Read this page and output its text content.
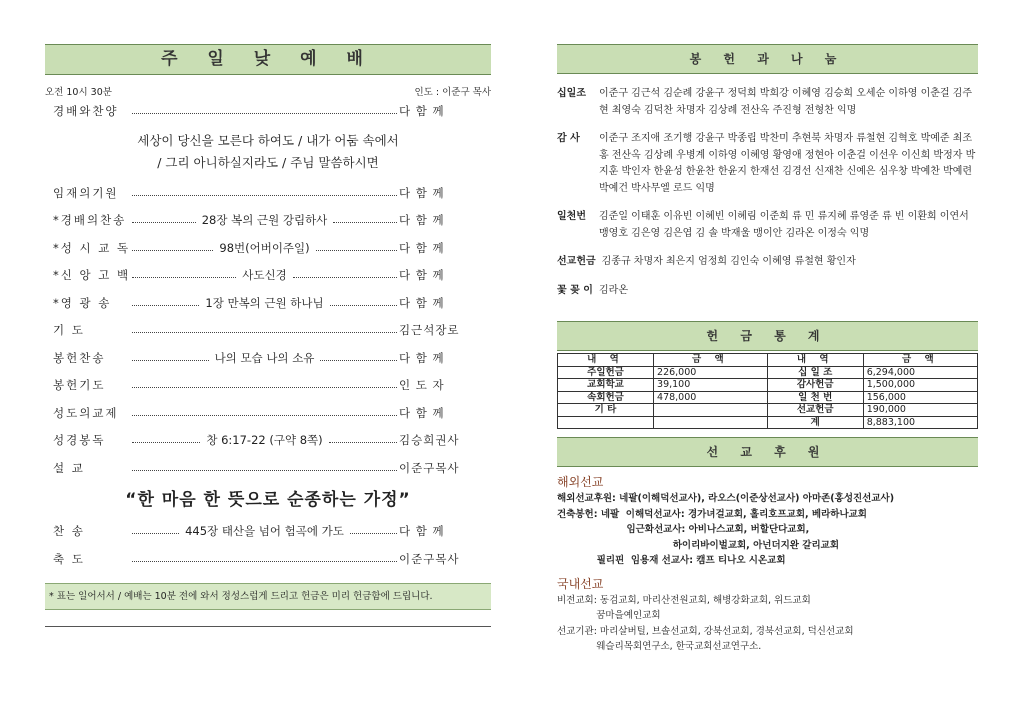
주 일 낮 예 배
오전 10시 30분	인도 : 이준구 목사
경배와찬양	다 함 께
세상이 당신을 모른다 하여도 / 내가 어둠 속에서
/ 그리 아니하실지라도 / 주님 말씀하시면
임재의기원	다 함 께
*경배의찬송	28장 복의 근원 강림하사	다 함 께
*성 시 교 독	98번(어버이주일)	다 함 께
*신 앙 고 백	사도신경	다 함 께
*영 광 송	1장 만복의 근원 하나님	다 함 께
기 도	김근석장로
봉헌찬송	나의 모습 나의 소유	다 함 께
봉헌기도	인 도 자
성도의교제	다 함 께
성경봉독	창 6:17-22 (구약 8쪽)	김승희권사
설 교	이준구목사
“한 마음 한 뜻으로 순종하는 가정”
찬 송	445장 태산을 넘어 험곡에 가도	다 함 께
축 도	이준구목사
* 표는 일어서서 / 예배는 10분 전에 와서 정성스럽게 드리고 헌금은 미리 헌금함에 드립니다.
봉 헌 과 나 눔
십일조	이준구 김근석 김순례 강윤구 정덕희 박희강 이혜영 김승희 오세순 이하영 이춘걸 김주현 최영숙 김덕찬 차명자 김상례 전산옥 주진형 전형찬 익명
감 사	이준구 조지애 조기행 강윤구 박종립 박찬미 추현북 차명자 류철현 김혁호 박예준 최조홍 전산옥 김상례 우병계 이하영 이혜영 황영애 정현아 이춘걸 이선우 이신희 박정자 박지훈 박인자 한윤성 한윤찬 한윤지 한재선 김경선 신재찬 신예은 심우창 박예찬 박예련 박예건 박사무엘 로드 익명
일천번	김준일 이태훈 이유빈 이혜빈 이혜림 이준희 류 민 류지혜 류영준 류 빈 이환희 이연서 맹영호 김은영 김은엽 김 솔 박재울 맹이안 김라온 이정숙 익명
선교헌금 김종규 차명자 최은지 엄정희 김인숙 이혜영 류철현 황인자
꽃 꽂 이 김라온
헌 금 통 계
내 역	금 액	내 역	금 액
주일헌금	226,000	십 일 조	6,294,000
교회학교	39,100	감사헌금	1,500,000
속회헌금	478,000	일 천 번	156,000
기 타		선교헌금	190,000
		계	8,883,100
선 교 후 원
해외선교
해외선교후원: 네팔(이해덕선교사), 라오스(이준상선교사) 아마존(홍성진선교사)
건축봉헌: 네팔  이해덕선교사: 경가녀걸교회, 홀리호프교회, 베라하나교회
임근화선교사: 아비나스교회, 버할단다교회,
하이리바이벌교회, 아넌더지완 갈리교회
필리핀  임용재 선교사: 캠프 티나오 시온교회
국내선교
비전교회: 동검교회, 마리산전원교회, 해병강화교회, 위드교회
꿈마을예인교회
선교기관: 마리살버틸, 브솔선교회, 강북선교회, 경북선교회, 덕신선교회
웨슬리목회연구소, 한국교회선교연구소.
